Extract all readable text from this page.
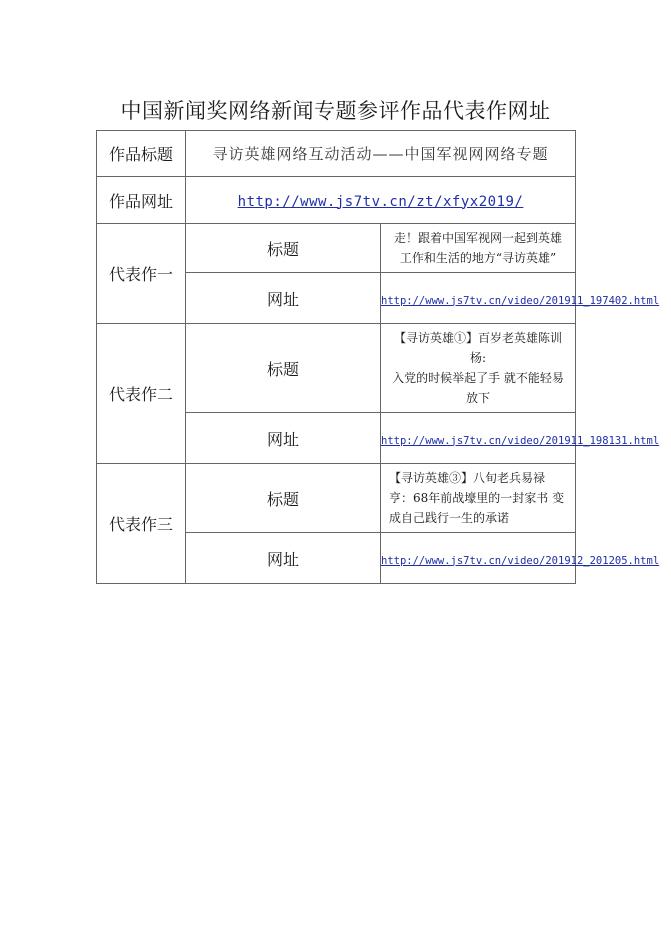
中国新闻奖网络新闻专题参评作品代表作网址
作品标题	寻访英雄网络互动活动——中国军视网网络专题	
作品网址	http://www.js7tv.cn/zt/xfyx2019/	
代表作一	标题	走！跟着中国军视网一起到英雄工作和生活的地方“寻访英雄”
	网址	http://www.js7tv.cn/video/201911_197402.html
代表作二	标题	【寻访英雄①】百岁老英雄陈训杨:
入党的时候举起了手 就不能轻易放下

	网址	http://www.js7tv.cn/video/201911_198131.html
代表作三	标题	【寻访英雄③】八旬老兵易禄亨：68年前战壕里的一封家书 变成自己践行一生的承诺
	网址	http://www.js7tv.cn/video/201912_201205.html
